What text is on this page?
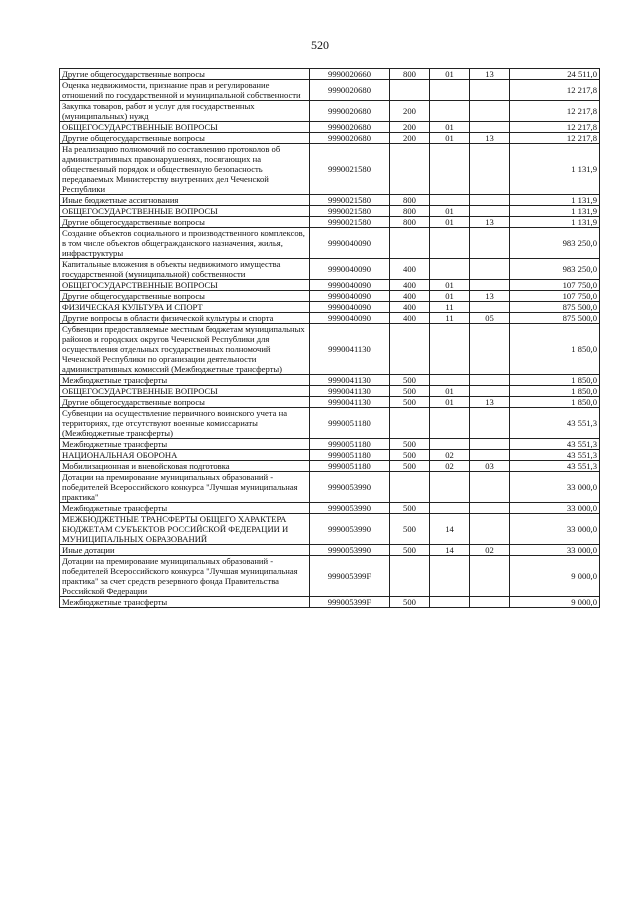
520
Другие общегосударственные вопросы	9990020660	800	01	13	24 511,0
Оценка недвижимости, признание прав и регулирование отношений по государственной и муниципальной собственности	9990020680				12 217,8
Закупка товаров, работ и услуг для государственных (муниципальных) нужд	9990020680	200			12 217,8
ОБЩЕГОСУДАРСТВЕННЫЕ ВОПРОСЫ	9990020680	200	01		12 217,8
Другие общегосударственные вопросы	9990020680	200	01	13	12 217,8
На реализацию полномочий по составлению протоколов об административных правонарушениях, посягающих на общественный порядок и общественную безопасность передаваемых Министерству внутренних дел Чеченской Республики	9990021580				1 131,9
Иные бюджетные ассигнования	9990021580	800			1 131,9
ОБЩЕГОСУДАРСТВЕННЫЕ ВОПРОСЫ	9990021580	800	01		1 131,9
Другие общегосударственные вопросы	9990021580	800	01	13	1 131,9
Создание объектов социального и производственного комплексов, в том числе объектов общегражданского назначения, жилья, инфраструктуры	9990040090				983 250,0
Капитальные вложения в объекты недвижимого имущества государственной (муниципальной) собственности	9990040090	400			983 250,0
ОБЩЕГОСУДАРСТВЕННЫЕ ВОПРОСЫ	9990040090	400	01		107 750,0
Другие общегосударственные вопросы	9990040090	400	01	13	107 750,0
ФИЗИЧЕСКАЯ КУЛЬТУРА И СПОРТ	9990040090	400	11		875 500,0
Другие вопросы в области физической культуры и спорта	9990040090	400	11	05	875 500,0
Субвенции предоставляемые местным бюджетам муниципальных районов и городских округов Чеченской Республики для осуществления отдельных государственных полномочий Чеченской Республики по организации деятельности административных комиссий (Межбюджетные трансферты)	9990041130				1 850,0
Межбюджетные трансферты	9990041130	500			1 850,0
ОБЩЕГОСУДАРСТВЕННЫЕ ВОПРОСЫ	9990041130	500	01		1 850,0
Другие общегосударственные вопросы	9990041130	500	01	13	1 850,0
Субвенции на осуществление первичного воинского учета на территориях, где отсутствуют военные комиссариаты (Межбюджетные трансферты)	9990051180				43 551,3
Межбюджетные трансферты	9990051180	500			43 551,3
НАЦИОНАЛЬНАЯ ОБОРОНА	9990051180	500	02		43 551,3
Мобилизационная и вневойсковая подготовка	9990051180	500	02	03	43 551,3
Дотации на премирование муниципальных образований - победителей Всероссийского конкурса "Лучшая муниципальная практика"	9990053990				33 000,0
Межбюджетные трансферты	9990053990	500			33 000,0
МЕЖБЮДЖЕТНЫЕ ТРАНСФЕРТЫ ОБЩЕГО ХАРАКТЕРА БЮДЖЕТАМ СУБЪЕКТОВ РОССИЙСКОЙ ФЕДЕРАЦИИ И МУНИЦИПАЛЬНЫХ ОБРАЗОВАНИЙ	9990053990	500	14		33 000,0
Иные дотации	9990053990	500	14	02	33 000,0
Дотации на премирование муниципальных образований - победителей Всероссийского конкурса "Лучшая муниципальная практика" за счет средств резервного фонда Правительства Российской Федерации	999005399F				9 000,0
Межбюджетные трансферты	999005399F	500			9 000,0
